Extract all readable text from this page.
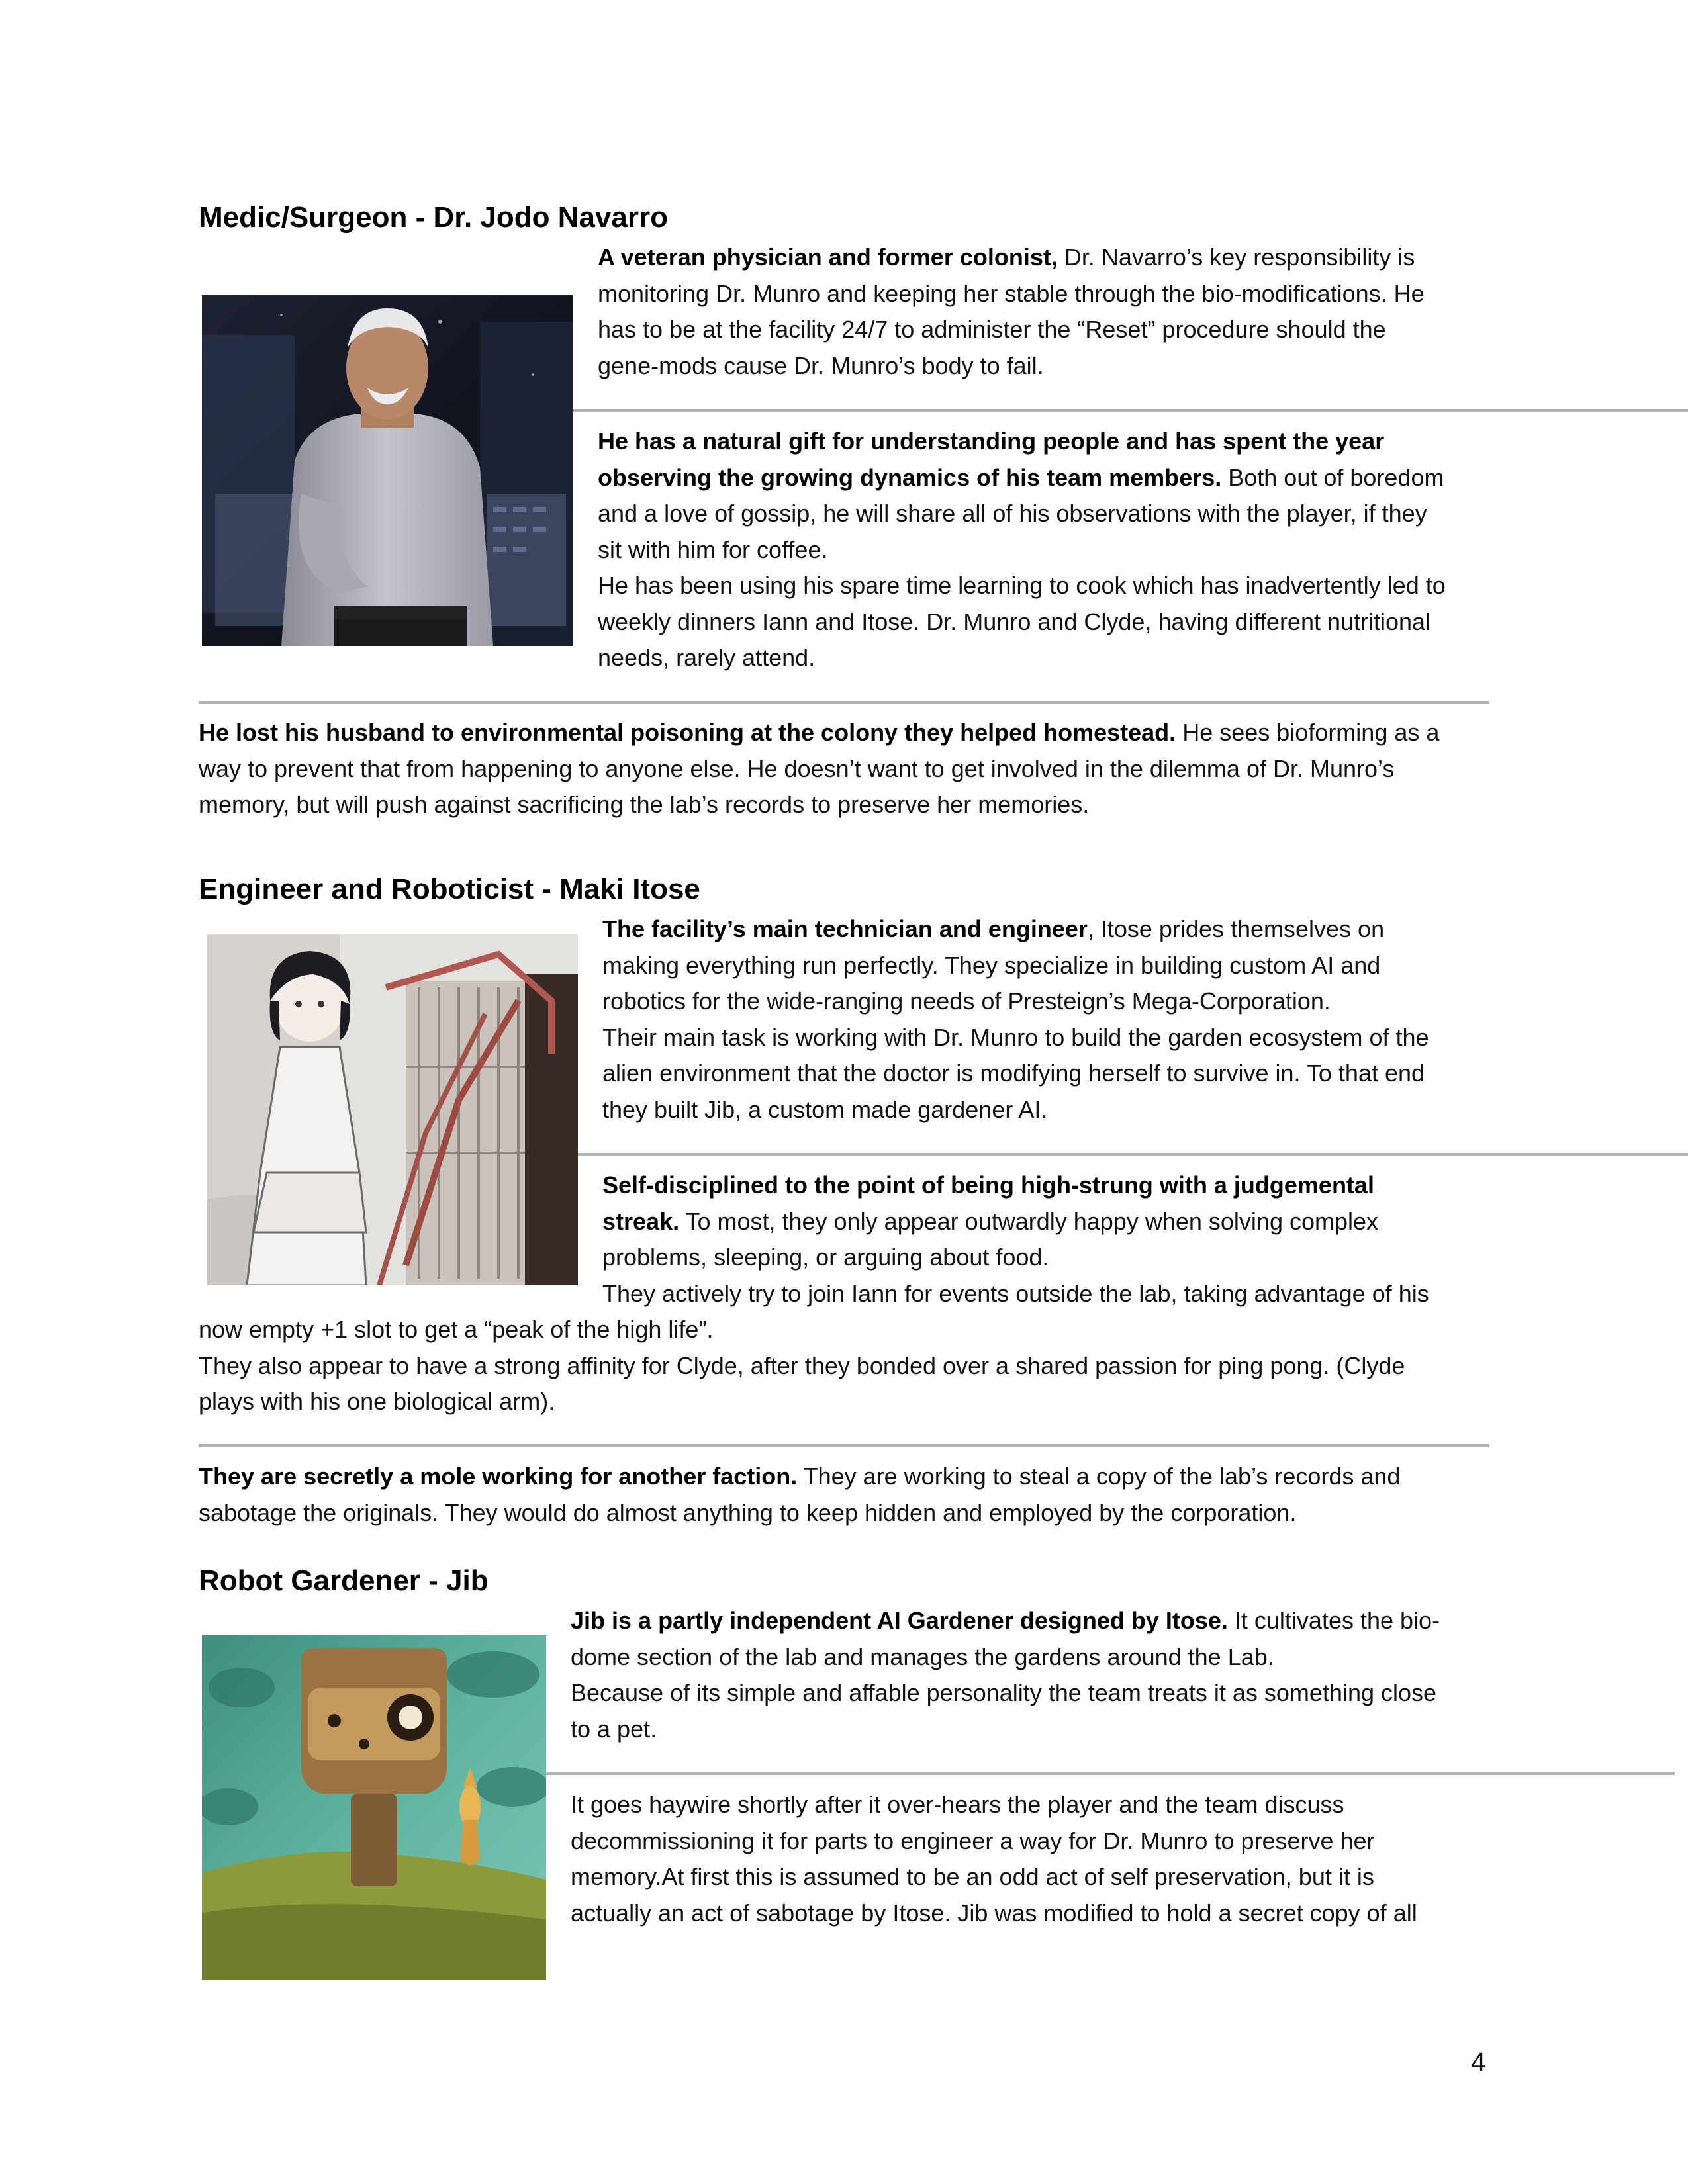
Medic/Surgeon - Dr. Jodo Navarro

A veteran physician and former colonist, Dr. Navarro’s key responsibility is

monitoring Dr. Munro and keeping her stable through the bio-modifications. He

has to be at the facility 24/7 to administer the “Reset” procedure should the

gene-mods cause Dr. Munro’s body to fail.

He has a natural gift for understanding people and has spent the year

observing the growing dynamics of his team members. Both out of boredom

and a love of gossip, he will share all of his observations with the player, if they

sit with him for coffee.

He has been using his spare time learning to cook which has inadvertently led to

weekly dinners Iann and Itose. Dr. Munro and Clyde, having different nutritional

needs, rarely attend.

He lost his husband to environmental poisoning at the colony they helped homestead. He sees bioforming as a

way to prevent that from happening to anyone else. He doesn’t want to get involved in the dilemma of Dr. Munro’s

memory, but will push against sacrificing the lab’s records to preserve her memories.

Engineer and Roboticist - Maki Itose

The facility’s main technician and engineer, Itose prides themselves on

making everything run perfectly. They specialize in building custom AI and

robotics for the wide-ranging needs of Presteign’s Mega-Corporation.

Their main task is working with Dr. Munro to build the garden ecosystem of the

alien environment that the doctor is modifying herself to survive in. To that end

they built Jib, a custom made gardener AI.

Self-disciplined to the point of being high-strung with a judgemental

streak. To most, they only appear outwardly happy when solving complex

problems, sleeping, or arguing about food.

They actively try to join Iann for events outside the lab, taking advantage of his

now empty +1 slot to get a “peak of the high life”.

They also appear to have a strong affinity for Clyde, after they bonded over a shared passion for ping pong. (Clyde

plays with his one biological arm).

They are secretly a mole working for another faction. They are working to steal a copy of the lab’s records and

sabotage the originals. They would do almost anything to keep hidden and employed by the corporation.

Robot Gardener - Jib

Jib is a partly independent AI Gardener designed by Itose. It cultivates the bio-

dome section of the lab and manages the gardens around the Lab.

Because of its simple and affable personality the team treats it as something close

to a pet.

It goes haywire shortly after it over-hears the player and the team discuss

decommissioning it for parts to engineer a way for Dr. Munro to preserve her

memory.At first this is assumed to be an odd act of self preservation, but it is

actually an act of sabotage by Itose. Jib was modified to hold a secret copy of all

4
